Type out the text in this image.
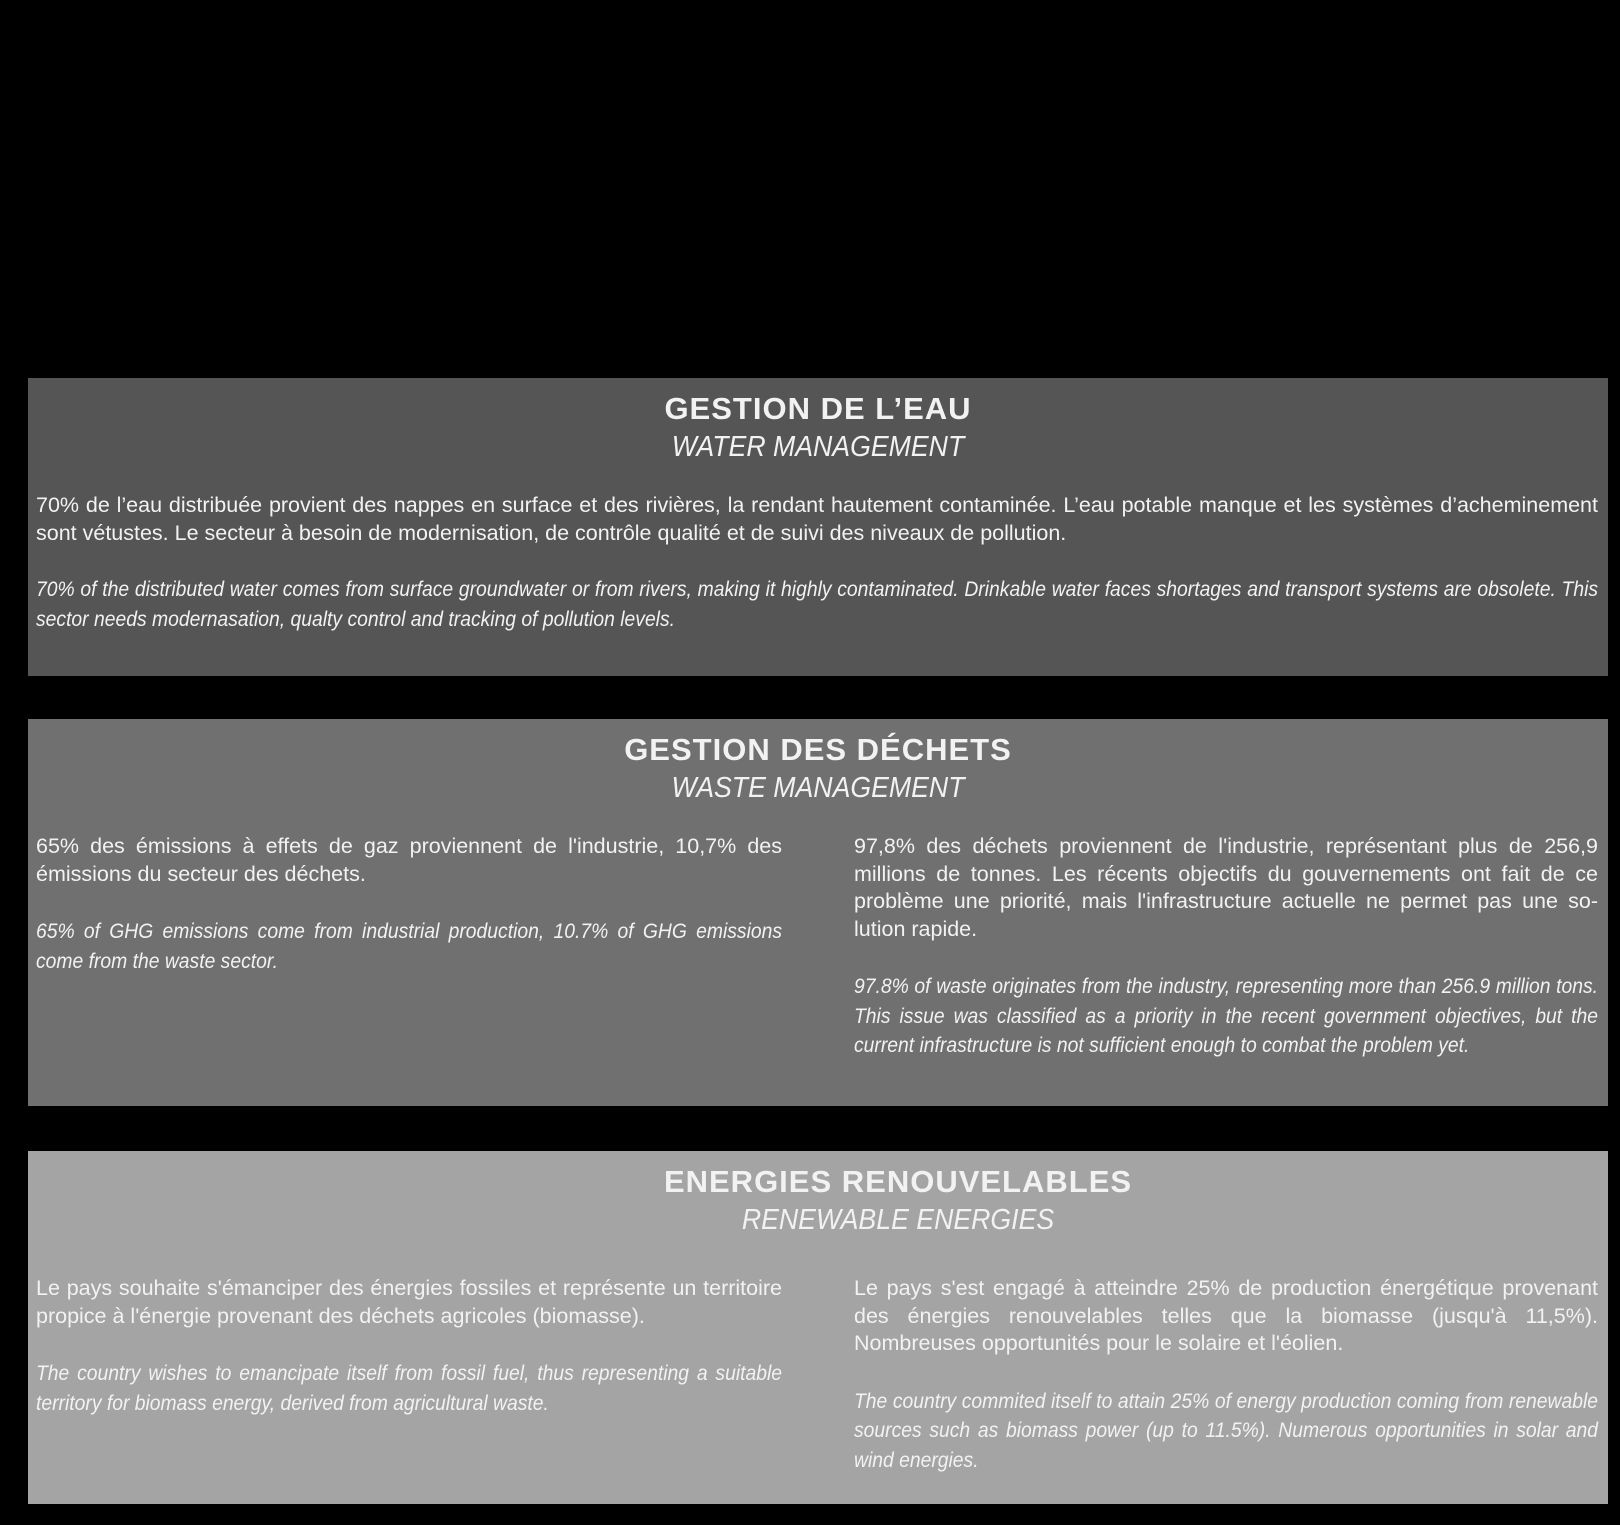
GESTION DE L’EAU
WATER MANAGEMENT

70% de l’eau distribuée provient des nappes en surface et des rivières, la rendant hautement contaminée. L’eau potable manque et les systèmes d’acheminement sont vétustes. Le secteur à besoin de modernisation, de contrôle qualité et de suivi des niveaux de pollution.

70% of the distributed water comes from surface groundwater or from rivers, making it highly contaminated. Drinkable water faces shortages and transport systems are obsolete. This sector needs modernasation, qualty control and tracking of pollution levels.

GESTION DES DÉCHETS
WASTE MANAGEMENT

65% des émissions à effets de gaz proviennent de l'industrie, 10,7% des émissions du secteur des déchets.

65% of GHG emissions come from industrial production, 10.7% of GHG emissions come from the waste sector.

97,8% des déchets proviennent de l'industrie, représentant plus de 256,9 millions de tonnes. Les récents objectifs du gouvernements ont fait de ce problème une priorité, mais l'infrastructure actuelle ne permet pas une solution rapide.

97.8% of waste originates from the industry, representing more than 256.9 million tons. This issue was classified as a priority in the recent government objectives, but the current infrastructure is not sufficient enough to combat the problem yet.

ENERGIES RENOUVELABLES
RENEWABLE ENERGIES

Le pays souhaite s'émanciper des énergies fossiles et représente un territoire propice à l'énergie provenant des déchets agricoles (biomasse).

The country wishes to emancipate itself from fossil fuel, thus representing a suitable territory for biomass energy, derived from agricultural waste.

Le pays s'est engagé à atteindre 25% de production énergétique provenant des énergies renouvelables telles que la biomasse (jusqu'à 11,5%). Nombreuses opportunités pour le solaire et l'éolien.

The country commited itself to attain 25% of energy production coming from renewable sources such as biomass power (up to 11.5%). Numerous opportunities in solar and wind energies.
